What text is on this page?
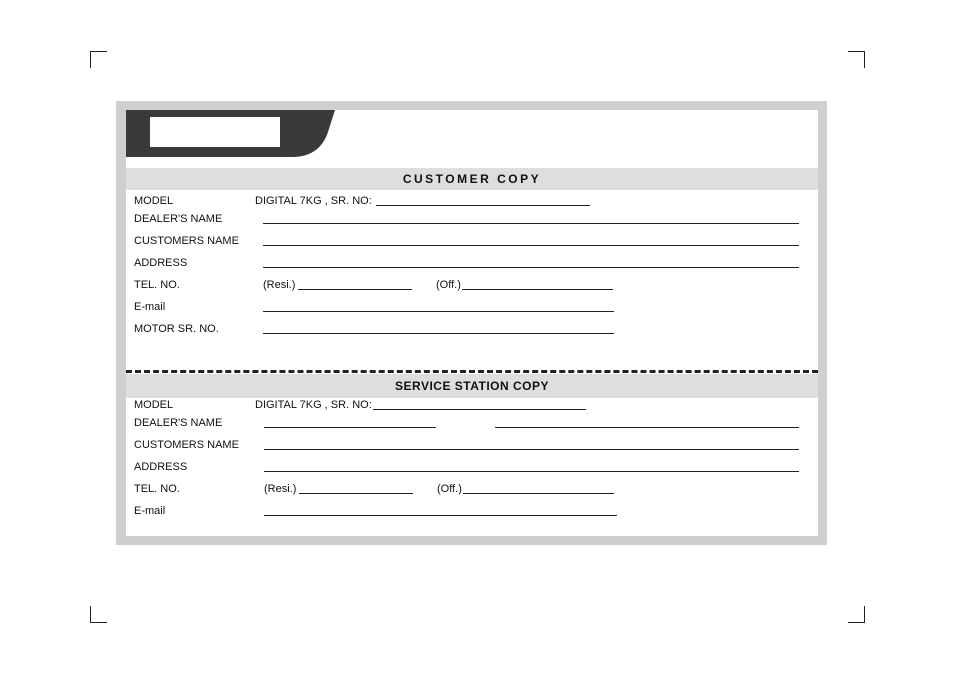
CUSTOMER COPY
MODEL	DIGITAL 7KG , SR. NO:
DEALER'S NAME
CUSTOMERS NAME
ADDRESS
TEL. NO.	(Resi.)	(Off.)
E-mail
MOTOR SR. NO.
SERVICE STATION COPY
MODEL	DIGITAL 7KG , SR. NO:
DEALER'S NAME
CUSTOMERS NAME
ADDRESS
TEL. NO.	(Resi.)	(Off.)
E-mail
